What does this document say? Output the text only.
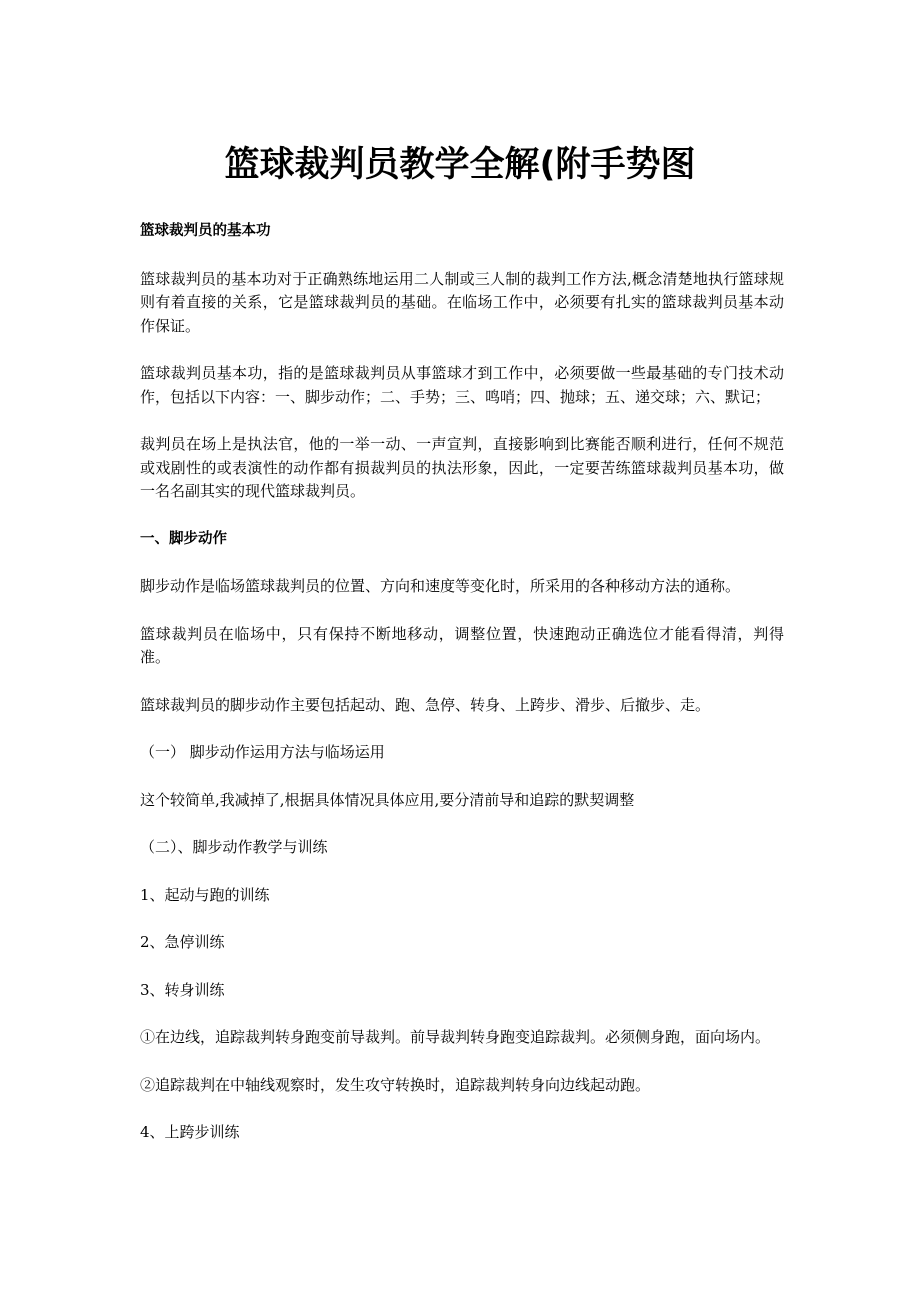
篮球裁判员教学全解(附手势图

篮球裁判员的基本功

篮球裁判员的基本功对于正确熟练地运用二人制或三人制的裁判工作方法,概念清楚地执行篮球规则有着直接的关系，它是篮球裁判员的基础。在临场工作中，必须要有扎实的篮球裁判员基本动作保证。

篮球裁判员基本功，指的是篮球裁判员从事篮球才到工作中，必须要做一些最基础的专门技术动作，包括以下内容：一、脚步动作；二、手势；三、鸣哨；四、抛球；五、递交球；六、默记；

裁判员在场上是执法官，他的一举一动、一声宣判，直接影响到比赛能否顺利进行，任何不规范或戏剧性的或表演性的动作都有损裁判员的执法形象，因此，一定要苦练篮球裁判员基本功，做一名名副其实的现代篮球裁判员。

一、脚步动作

脚步动作是临场篮球裁判员的位置、方向和速度等变化时，所采用的各种移动方法的通称。

篮球裁判员在临场中，只有保持不断地移动，调整位置，快速跑动正确选位才能看得清，判得准。

篮球裁判员的脚步动作主要包括起动、跑、急停、转身、上跨步、滑步、后撤步、走。

（一） 脚步动作运用方法与临场运用

这个较简单,我减掉了,根据具体情况具体应用,要分清前导和追踪的默契调整

（二）、脚步动作教学与训练

1、起动与跑的训练

2、急停训练

3、转身训练

①在边线，追踪裁判转身跑变前导裁判。前导裁判转身跑变追踪裁判。必须侧身跑，面向场内。

②追踪裁判在中轴线观察时，发生攻守转换时，追踪裁判转身向边线起动跑。

4、上跨步训练
